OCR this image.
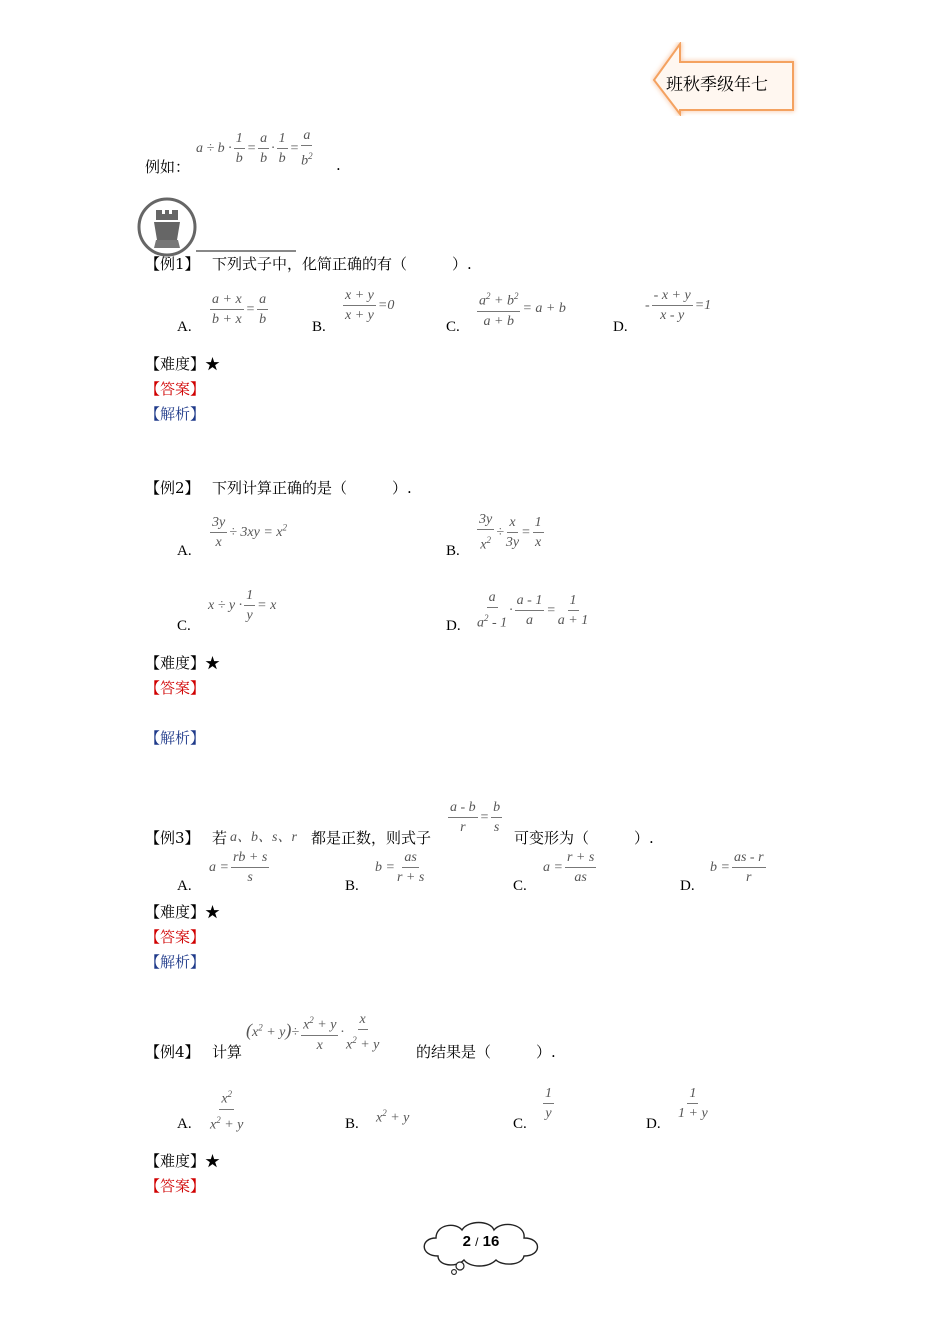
班秋季级年七
例如：
$a \div b \cdot \frac{1}{b} = \frac{a}{b} \cdot \frac{1}{b} = \frac{a}{b^2}$ .
【例1】 下列式子中，化简正确的有（　　　）.
A. $\frac{a + x}{b + x} = \frac{a}{b}$	B.
$\frac{x + y}{x + y} =0$
C. $\frac{a^2 + b^2}{a + b} = a + b$
D.
- $\frac{- x + y}{x - y} =1$
【难度】★
【答案】
【解析】
【例2】 下列计算正确的是（　　　）.
A. $\frac{3y}{x} \div 3xy = x^2$
B. $\frac{3y}{x^2} \div \frac{x}{3y} = \frac{1}{x}$
C.
$x \div y \cdot \frac{1}{y} = x$
D. $\frac{a}{a^2 - 1} \cdot \frac{a - 1}{a} = \frac{1}{a + 1}$
【难度】★
【答案】
【解析】
【例3】 若 a、b、s、r 都是正数，则式子
$\frac{a - b}{r} = \frac{b}{s}$
可变形为（　　　）.
A.
$a = \frac{rb + s}{s}$	B.
$b = \frac{as}{r + s}$	C.
$a = \frac{r + s}{as}$	D.
$b = \frac{as - r}{r}$
【难度】★
【答案】
【解析】
【例4】 计算
$(x^2 + y)\div \frac{x^2 + y}{x} \cdot \frac{x}{x^2 + y}$ 的结果是（　　　）.
A. $\frac{x^2}{x^2 + y}$	B. $x^2 + y$	C.
$\frac{1}{y}$
D.
$\frac{1}{1 + y}$
【难度】★
【答案】
2 / 16
